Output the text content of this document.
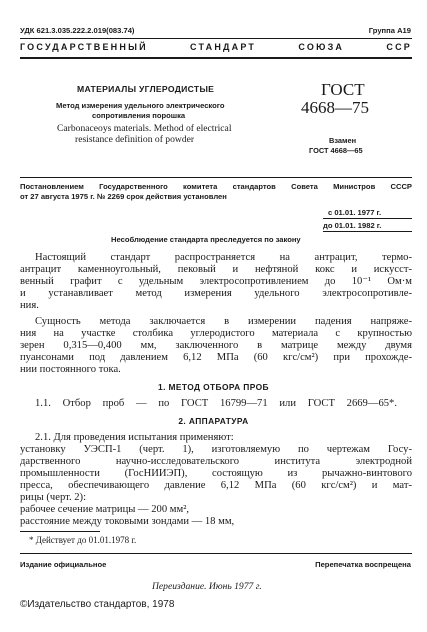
УДК 621.3.035.222.2.019(083.74)	Группа А19
ГОСУДАРСТВЕННЫЙ СТАНДАРТ СОЮЗА ССР
МАТЕРИАЛЫ УГЛЕРОДИСТЫЕ
Метод измерения удельного электрического
сопротивления порошка
Carbonaceoys materials. Method of electrical
resistance definition of powder
ГОСТ
4668—75
Взамен
ГОСТ 4668—65
Постановлением Государственного комитета стандартов Совета Министров СССР
от 27 августа 1975 г. № 2269 срок действия установлен
с 01.01. 1977 г.
до 01.01. 1982 г.
Несоблюдение стандарта преследуется по закону
Настоящий стандарт распространяется на антрацит, термо-
антрацит каменноугольный, пековый и нефтяной кокс и искусст-
венный графит с удельным электросопротивлением до 10⁻¹ Ом·м
и устанавливает метод измерения удельного электросопротивле-
ния.
Сущность метода заключается в измерении падения напряже-
ния на участке столбика углеродистого материала с крупностью
зерен 0,315—0,400 мм, заключенного в матрице между двумя
пуансонами под давлением 6,12 МПа (60 кгс/см²) при прохожде-
нии постоянного тока.
1. МЕТОД ОТБОРА ПРОБ
1.1. Отбор проб — по ГОСТ 16799—71 или ГОСТ 2669—65*.
2. АППАРАТУРА
2.1. Для проведения испытания применяют:
установку УЭСП-1 (черт. 1), изготовляемую по чертежам Госу-
дарственного научно-исследовательского института электродной
промышленности (ГосНИИЭП), состоящую из рычажно-винтового
пресса, обеспечивающего давление 6,12 МПа (60 кгс/см²) и мат-
рицы (черт. 2):
рабочее сечение матрицы — 200 мм²,
расстояние между токовыми зондами — 18 мм,
* Действует до 01.01.1978 г.
Издание официальное	Перепечатка воспрещена
Переиздание. Июнь 1977 г.
©Издательство стандартов, 1978
